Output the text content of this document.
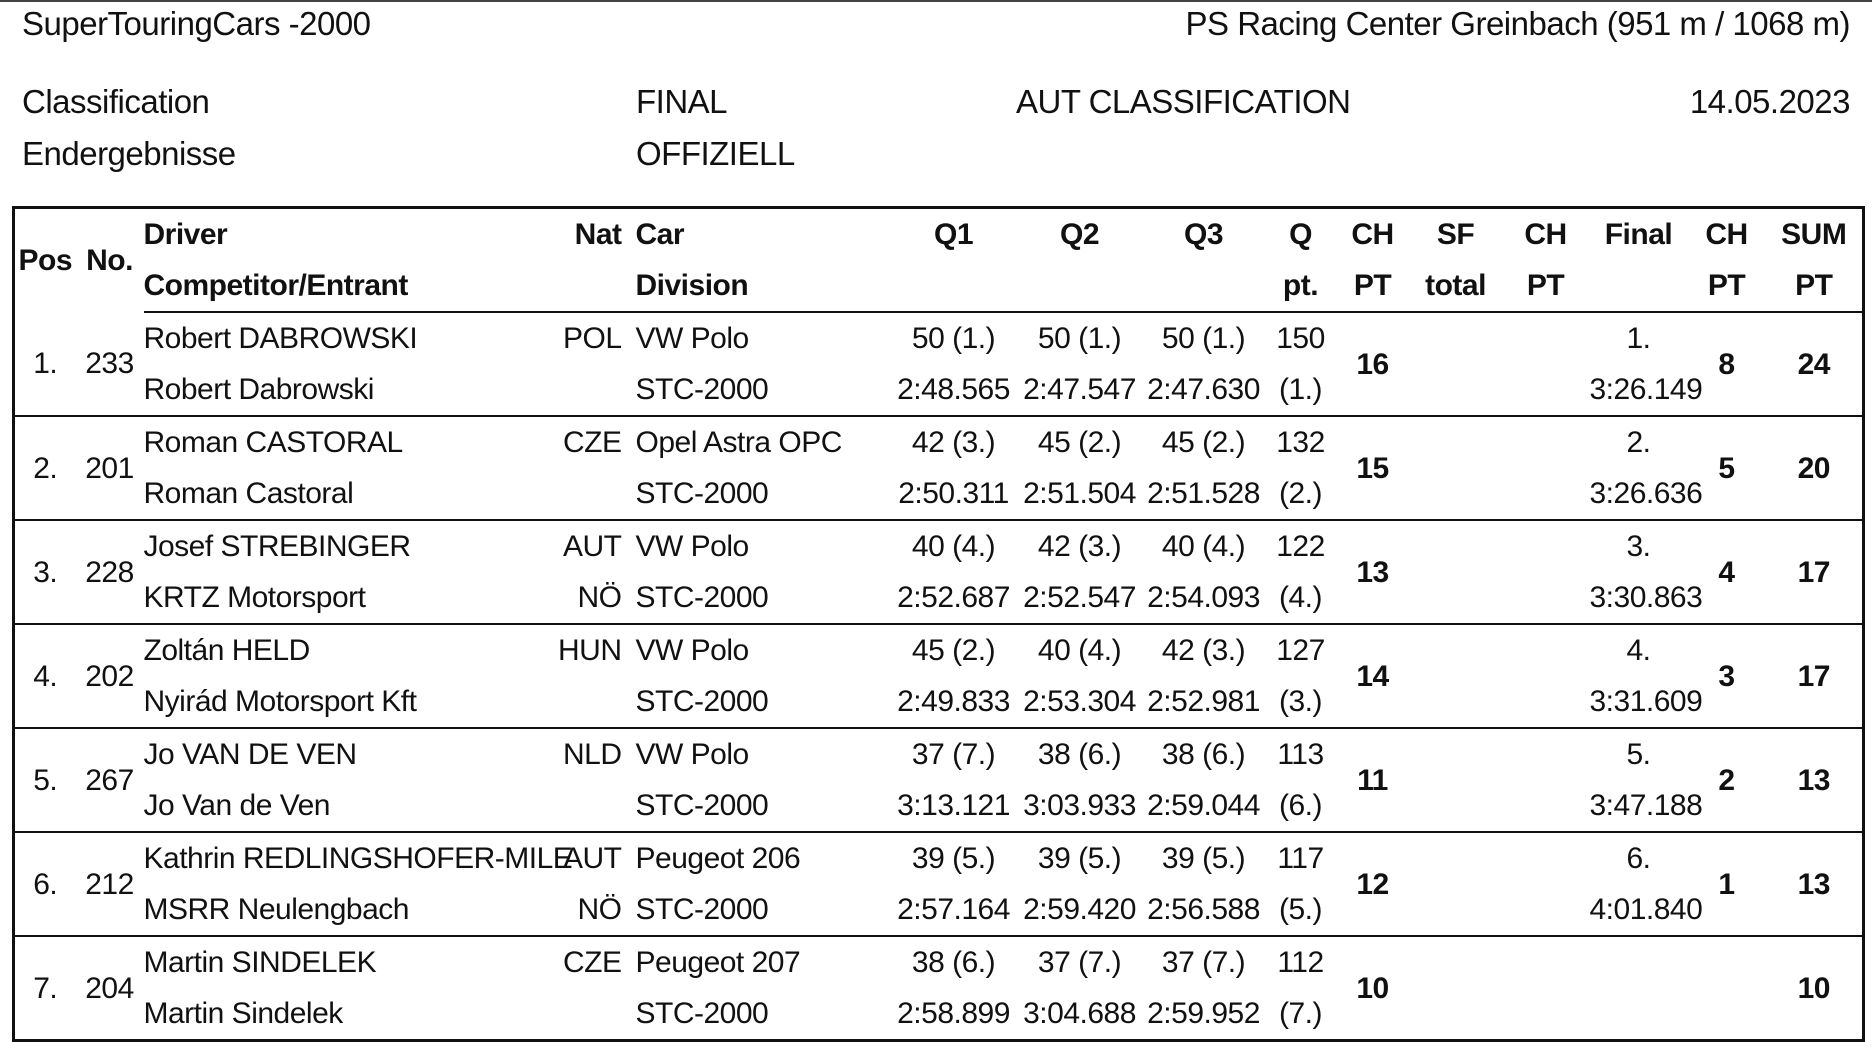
SuperTouringCars -2000	PS Racing Center Greinbach (951 m / 1068 m)
Classification
Endergebnisse
FINAL
OFFIZIELL
AUT CLASSIFICATION	14.05.2023
Pos	No.	Driver	Nat	Car	Q1	Q2	Q3	Q	CH	SF	CH	Final	CH	SUM
		Competitor/Entrant		Division				pt.	PT	total	PT		PT	PT
1.	233	Robert DABROWSKI	POL	VW Polo	50 (1.)	50 (1.)	50 (1.)	150	16			1.	8	24
		Robert Dabrowski		STC-2000	2:48.565	2:47.547	2:47.630	(1.)				3:26.149		
2.	201	Roman CASTORAL	CZE	Opel Astra OPC	42 (3.)	45 (2.)	45 (2.)	132	15			2.	5	20
		Roman Castoral		STC-2000	2:50.311	2:51.504	2:51.528	(2.)				3:26.636		
3.	228	Josef STREBINGER	AUT	VW Polo	40 (4.)	42 (3.)	40 (4.)	122	13			3.	4	17
		KRTZ Motorsport	NÖ	STC-2000	2:52.687	2:52.547	2:54.093	(4.)				3:30.863		
4.	202	Zoltán HELD	HUN	VW Polo	45 (2.)	40 (4.)	42 (3.)	127	14			4.	3	17
		Nyirád Motorsport Kft		STC-2000	2:49.833	2:53.304	2:52.981	(3.)				3:31.609		
5.	267	Jo VAN DE VEN	NLD	VW Polo	37 (7.)	38 (6.)	38 (6.)	113	11			5.	2	13
		Jo Van de Ven		STC-2000	3:13.121	3:03.933	2:59.044	(6.)				3:47.188		
6.	212	Kathrin REDLINGSHOFER-MILE	AUT	Peugeot 206	39 (5.)	39 (5.)	39 (5.)	117	12			6.	1	13
		MSRR Neulengbach	NÖ	STC-2000	2:57.164	2:59.420	2:56.588	(5.)				4:01.840		
7.	204	Martin SINDELEK	CZE	Peugeot 207	38 (6.)	37 (7.)	37 (7.)	112	10					10
		Martin Sindelek		STC-2000	2:58.899	3:04.688	2:59.952	(7.)						
